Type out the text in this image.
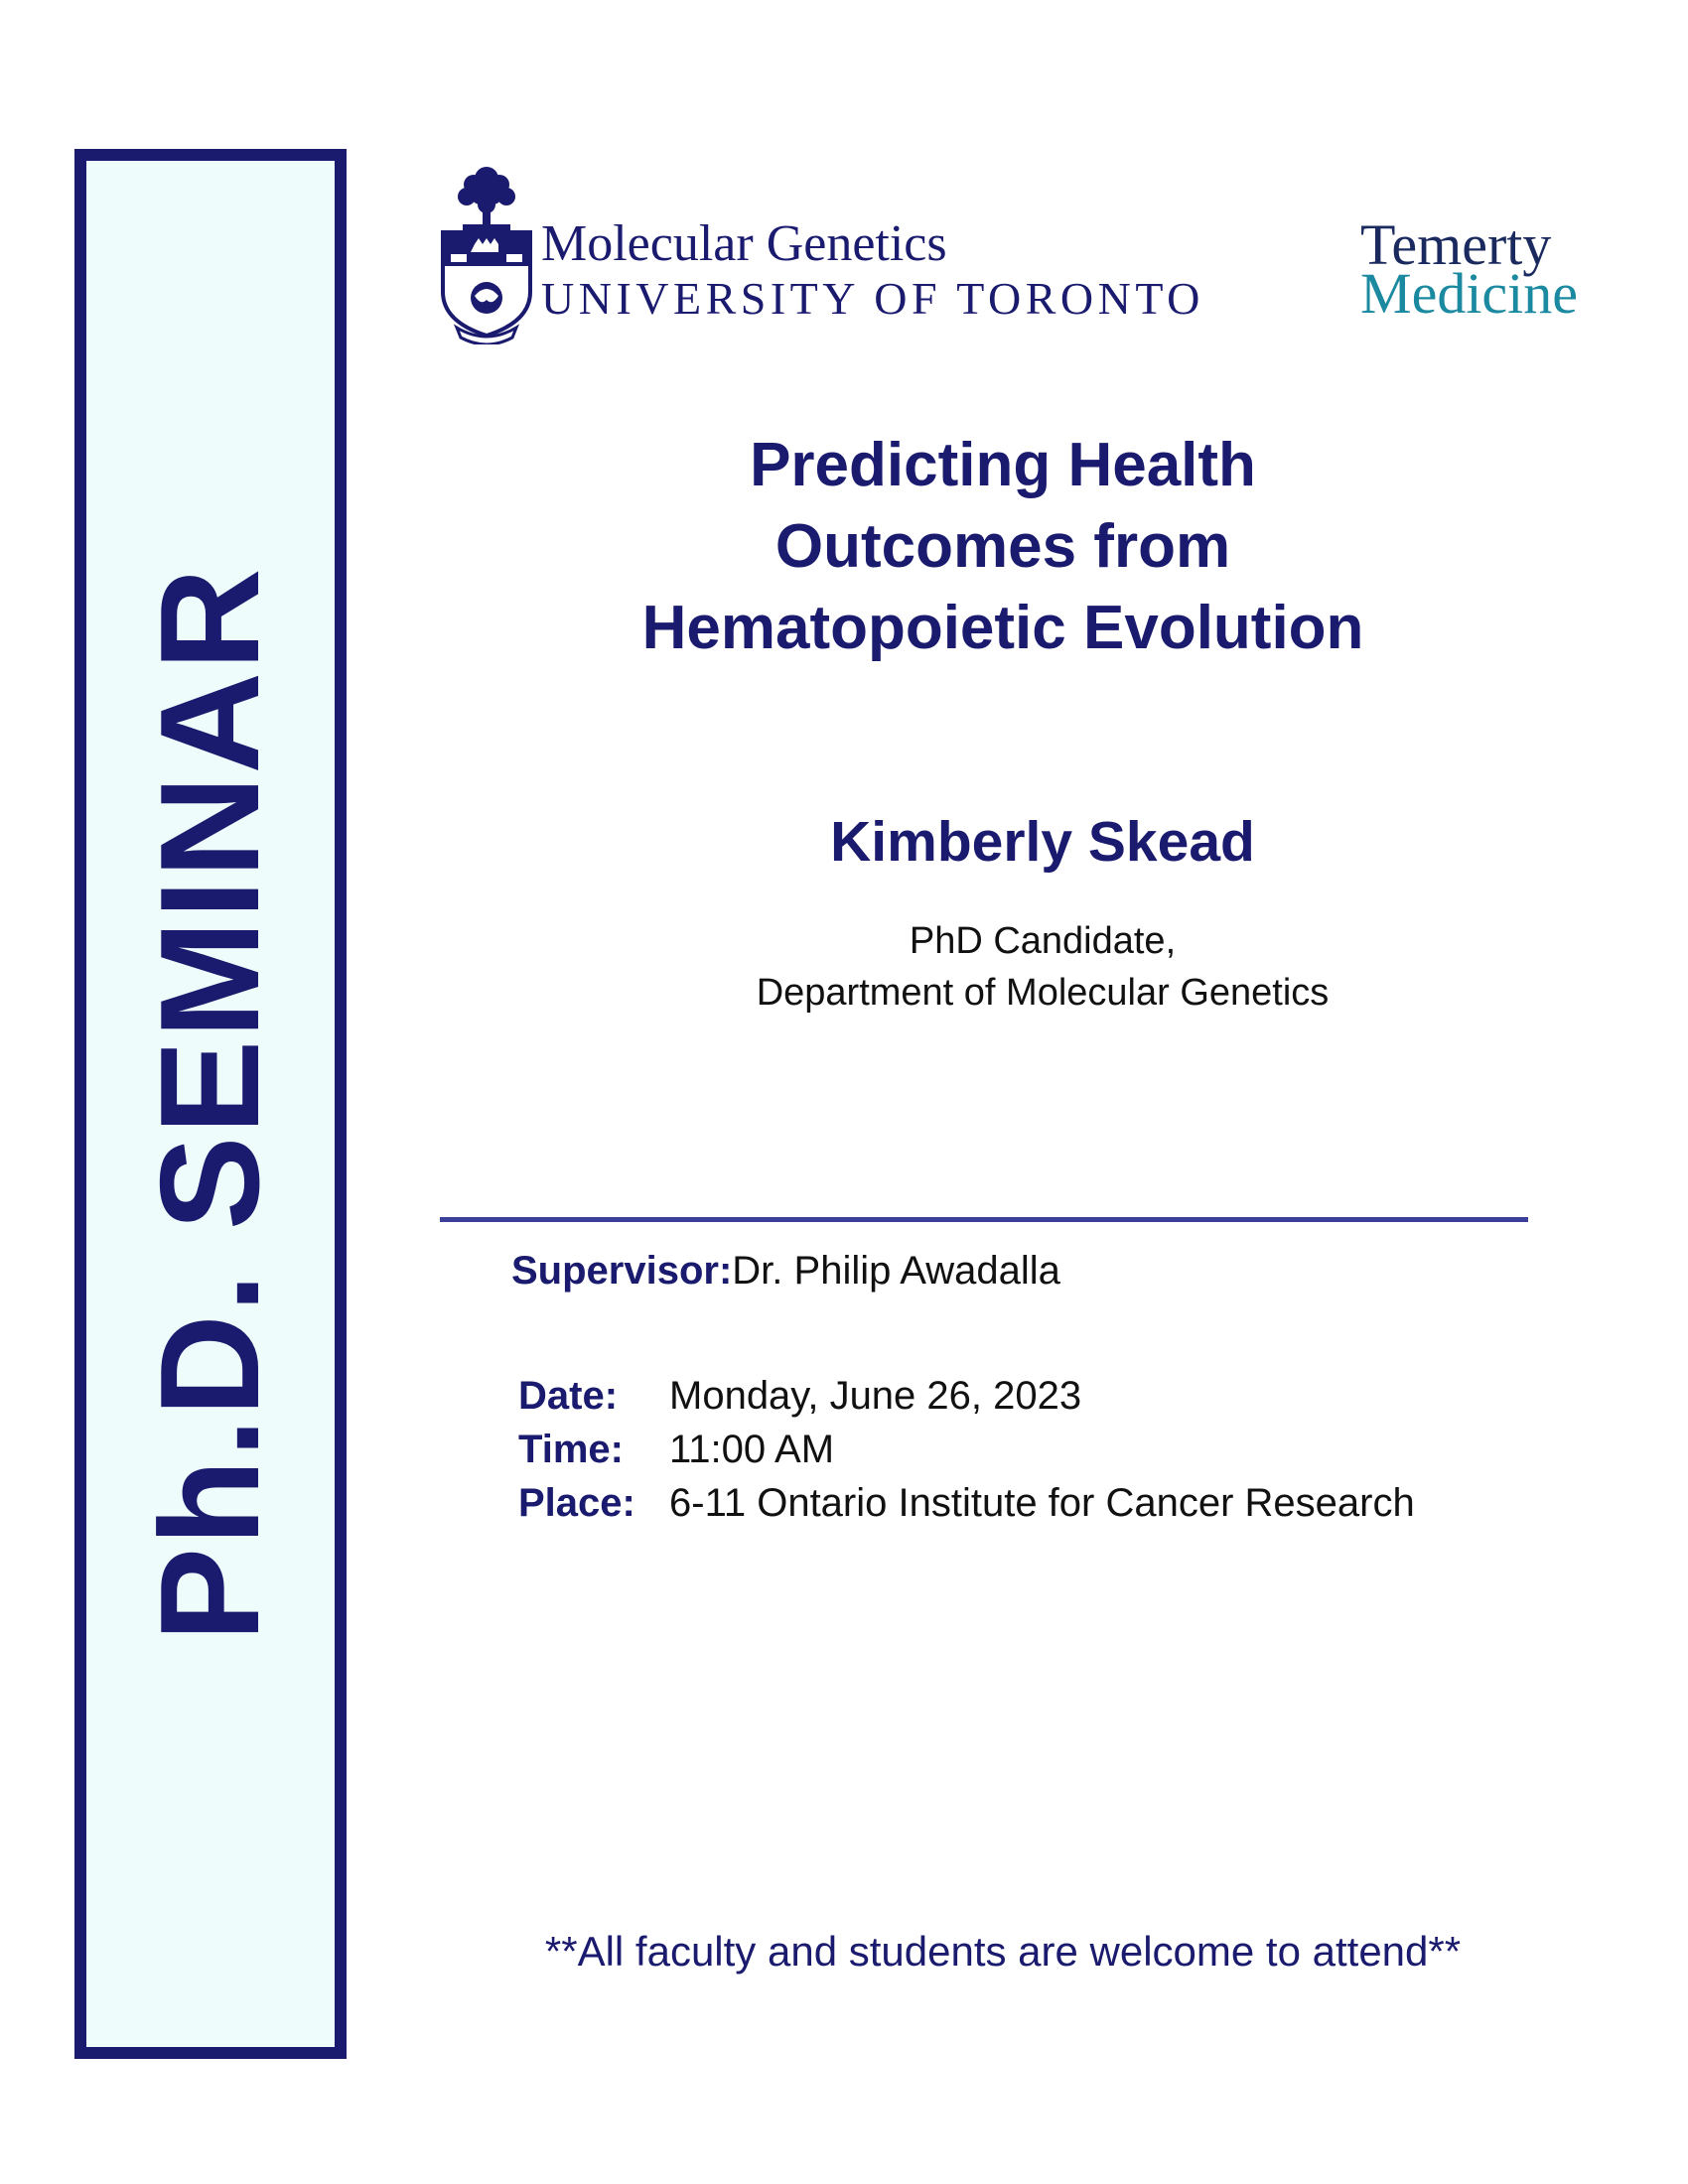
Ph.D. SEMINAR
Molecular Genetics
UNIVERSITY OF TORONTO
Temerty
Medicine
Predicting Health
Outcomes from
Hematopoietic Evolution
Kimberly Skead
PhD Candidate,
Department of Molecular Genetics
Supervisor:Dr. Philip Awadalla
Date: Monday, June 26, 2023
Time: 11:00 AM
Place: 6-11 Ontario Institute for Cancer Research
**All faculty and students are welcome to attend**
